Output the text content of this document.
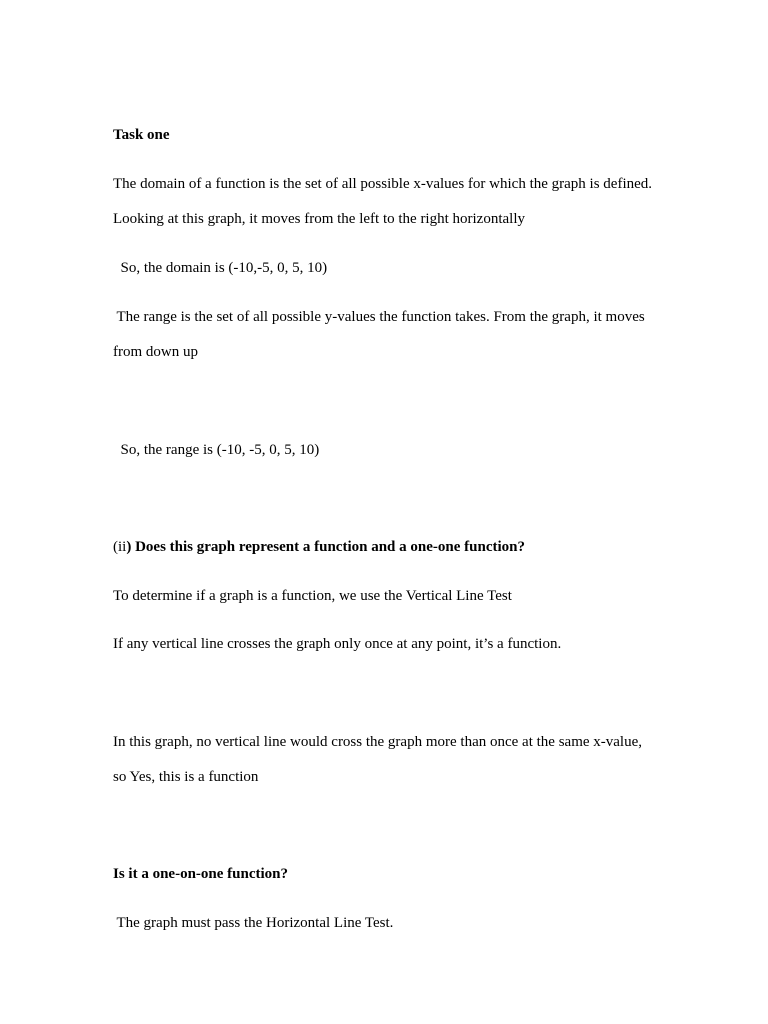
Task one

The domain of a function is the set of all possible x-values for which the graph is defined.

Looking at this graph, it moves from the left to the right horizontally

So, the domain is (-10,-5, 0, 5, 10)

The range is the set of all possible y-values the function takes. From the graph, it moves

from down up

So, the range is (-10, -5, 0, 5, 10)

(ii) Does this graph represent a function and a one-one function?

To determine if a graph is a function, we use the Vertical Line Test

If any vertical line crosses the graph only once at any point, it’s a function.

In this graph, no vertical line would cross the graph more than once at the same x-value,

so Yes, this is a function

Is it a one-on-one function?

The graph must pass the Horizontal Line Test.
